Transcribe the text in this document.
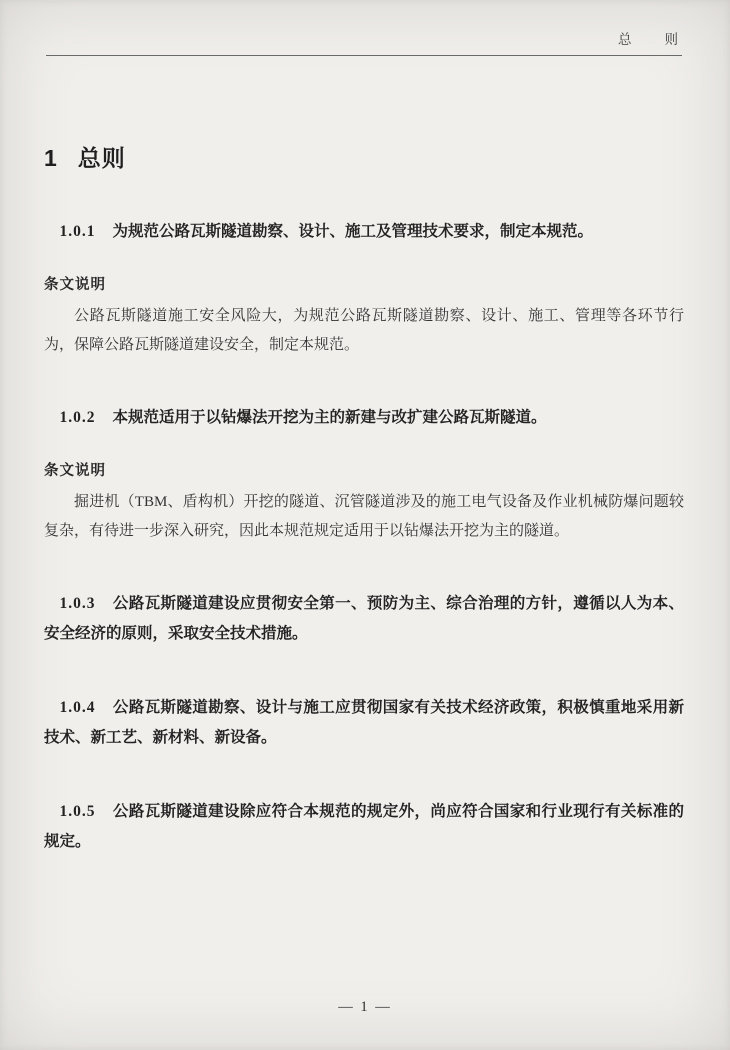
总　　则
1 总则

1.0.1 为规范公路瓦斯隧道勘察、设计、施工及管理技术要求，制定本规范。

条文说明

公路瓦斯隧道施工安全风险大，为规范公路瓦斯隧道勘察、设计、施工、管理等各环节行为，保障公路瓦斯隧道建设安全，制定本规范。

1.0.2 本规范适用于以钻爆法开挖为主的新建与改扩建公路瓦斯隧道。

条文说明

掘进机（TBM、盾构机）开挖的隧道、沉管隧道涉及的施工电气设备及作业机械防爆问题较复杂，有待进一步深入研究，因此本规范规定适用于以钻爆法开挖为主的隧道。

1.0.3 公路瓦斯隧道建设应贯彻安全第一、预防为主、综合治理的方针，遵循以人为本、安全经济的原则，采取安全技术措施。

1.0.4 公路瓦斯隧道勘察、设计与施工应贯彻国家有关技术经济政策，积极慎重地采用新技术、新工艺、新材料、新设备。

1.0.5 公路瓦斯隧道建设除应符合本规范的规定外，尚应符合国家和行业现行有关标准的规定。

— 1 —
